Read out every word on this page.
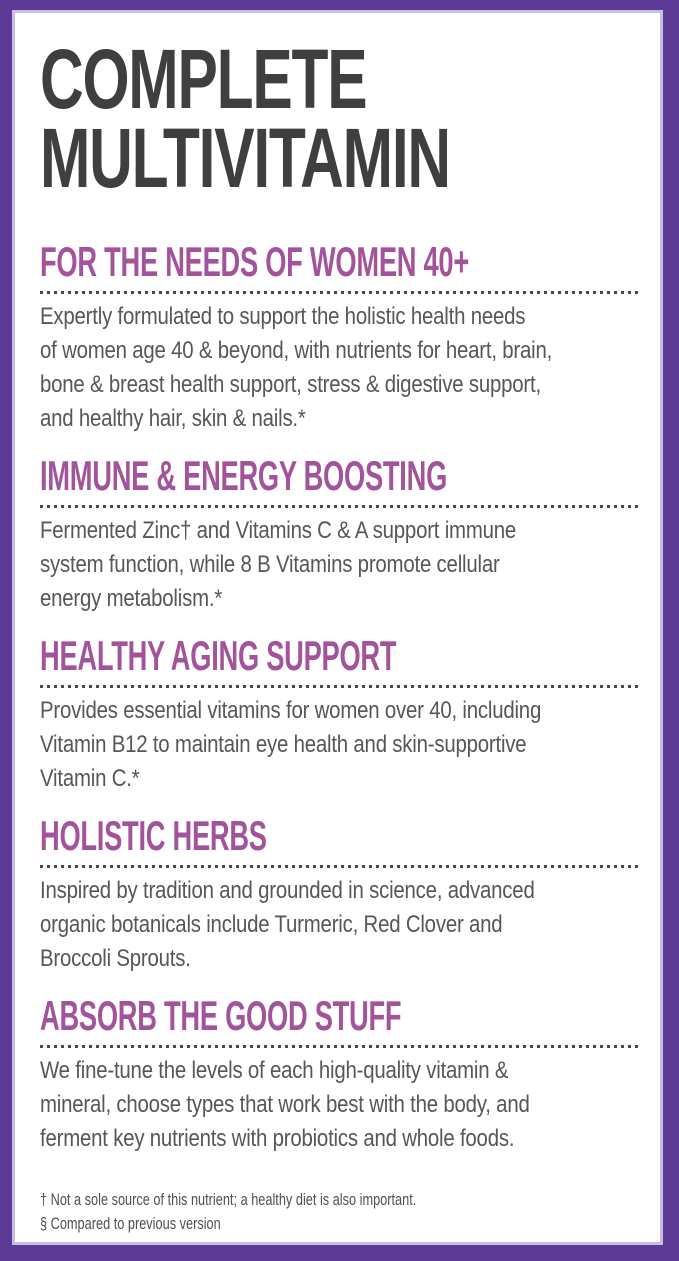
COMPLETE
MULTIVITAMIN
FOR THE NEEDS OF WOMEN 40+
Expertly formulated to support the holistic health needs
of women age 40 & beyond, with nutrients for heart, brain,
bone & breast health support, stress & digestive support,
and healthy hair, skin & nails.*
IMMUNE & ENERGY BOOSTING
Fermented Zinc† and Vitamins C & A support immune
system function, while 8 B Vitamins promote cellular
energy metabolism.*
HEALTHY AGING SUPPORT
Provides essential vitamins for women over 40, including
Vitamin B12 to maintain eye health and skin-supportive
Vitamin C.*
HOLISTIC HERBS
Inspired by tradition and grounded in science, advanced
organic botanicals include Turmeric, Red Clover and
Broccoli Sprouts.
ABSORB THE GOOD STUFF
We fine-tune the levels of each high-quality vitamin &
mineral, choose types that work best with the body, and
ferment key nutrients with probiotics and whole foods.
† Not a sole source of this nutrient; a healthy diet is also important.
§ Compared to previous version
